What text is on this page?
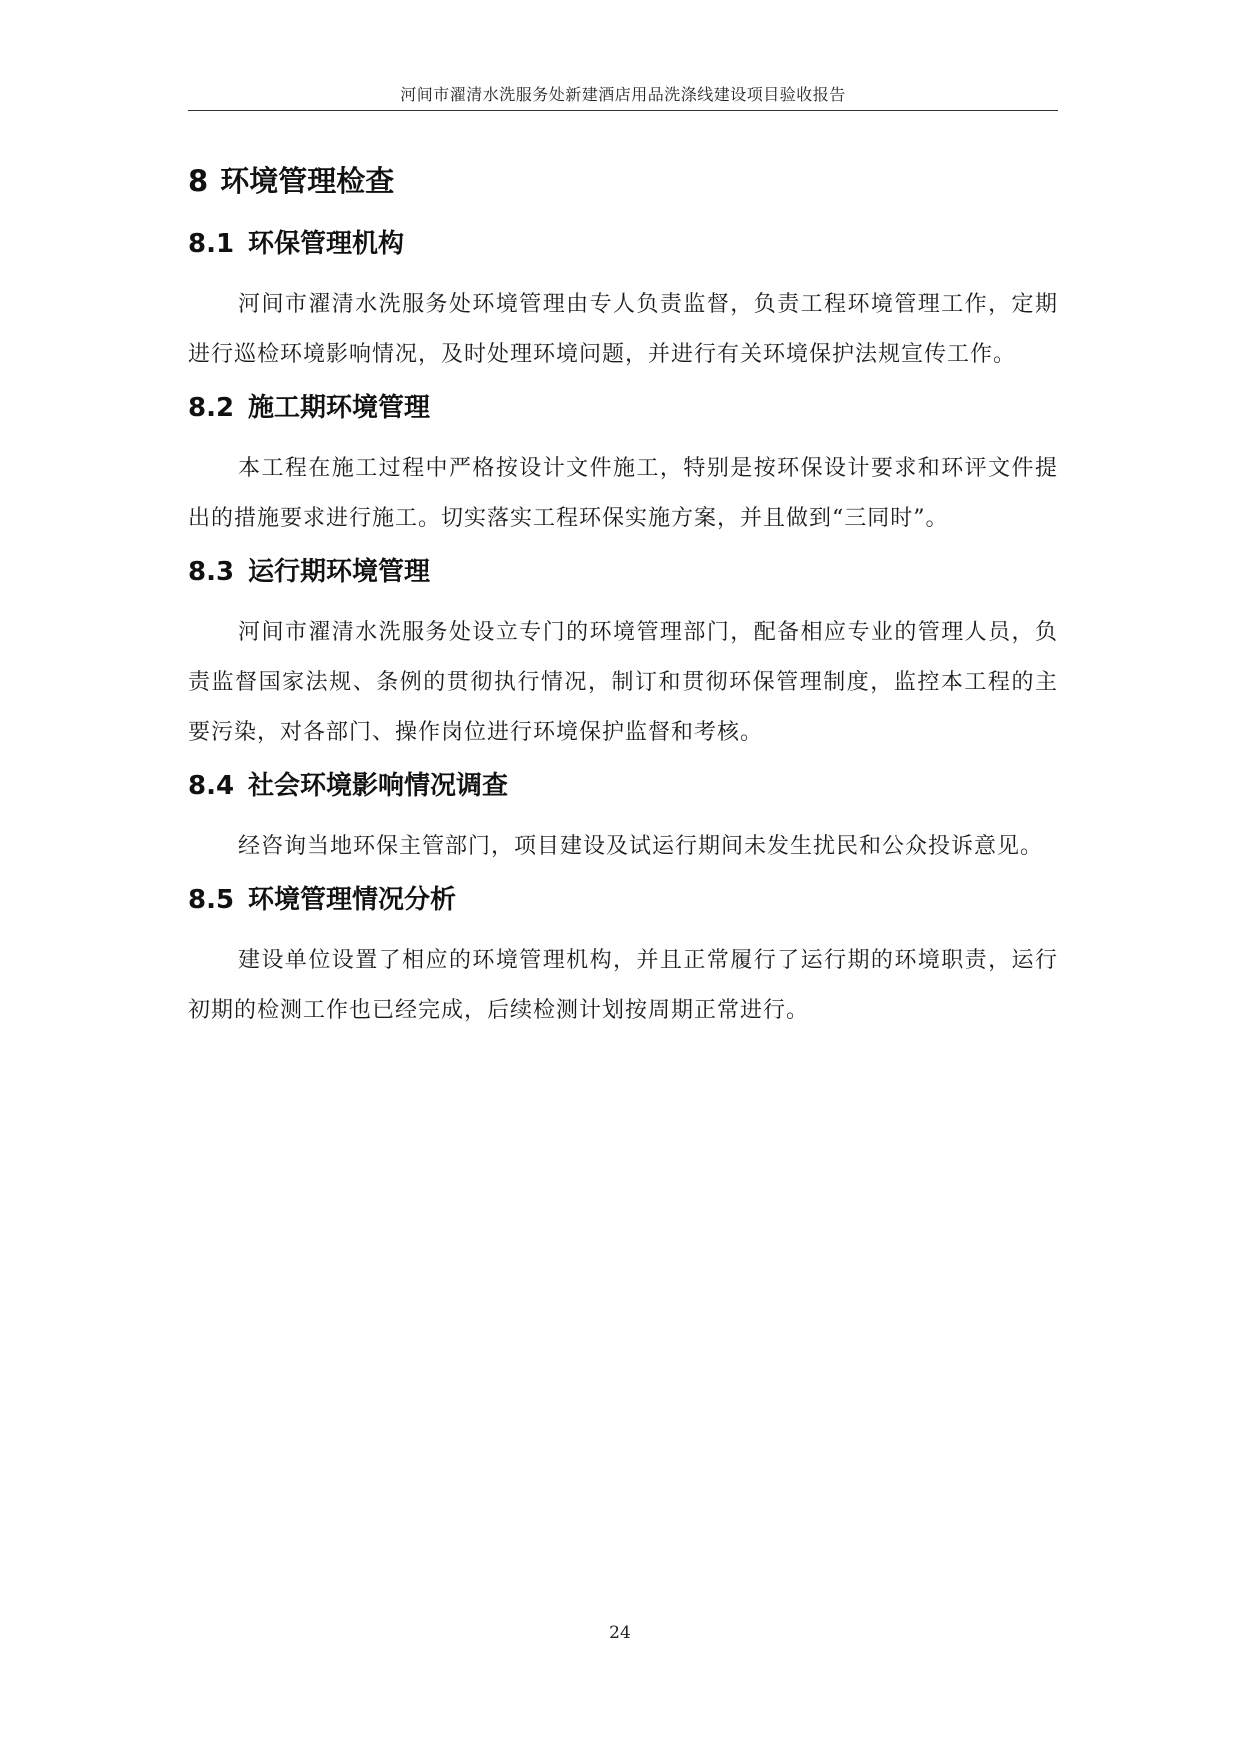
河间市濯清水洗服务处新建酒店用品洗涤线建设项目验收报告
8 环境管理检查
8.1 环保管理机构

河间市濯清水洗服务处环境管理由专人负责监督，负责工程环境管理工作，定期进行巡检环境影响情况，及时处理环境问题，并进行有关环境保护法规宣传工作。

8.2 施工期环境管理

本工程在施工过程中严格按设计文件施工，特别是按环保设计要求和环评文件提出的措施要求进行施工。切实落实工程环保实施方案，并且做到“三同时”。

8.3 运行期环境管理

河间市濯清水洗服务处设立专门的环境管理部门，配备相应专业的管理人员，负责监督国家法规、条例的贯彻执行情况，制订和贯彻环保管理制度，监控本工程的主要污染，对各部门、操作岗位进行环境保护监督和考核。

8.4 社会环境影响情况调查

经咨询当地环保主管部门，项目建设及试运行期间未发生扰民和公众投诉意见。

8.5 环境管理情况分析

建设单位设置了相应的环境管理机构，并且正常履行了运行期的环境职责，运行初期的检测工作也已经完成，后续检测计划按周期正常进行。

24
